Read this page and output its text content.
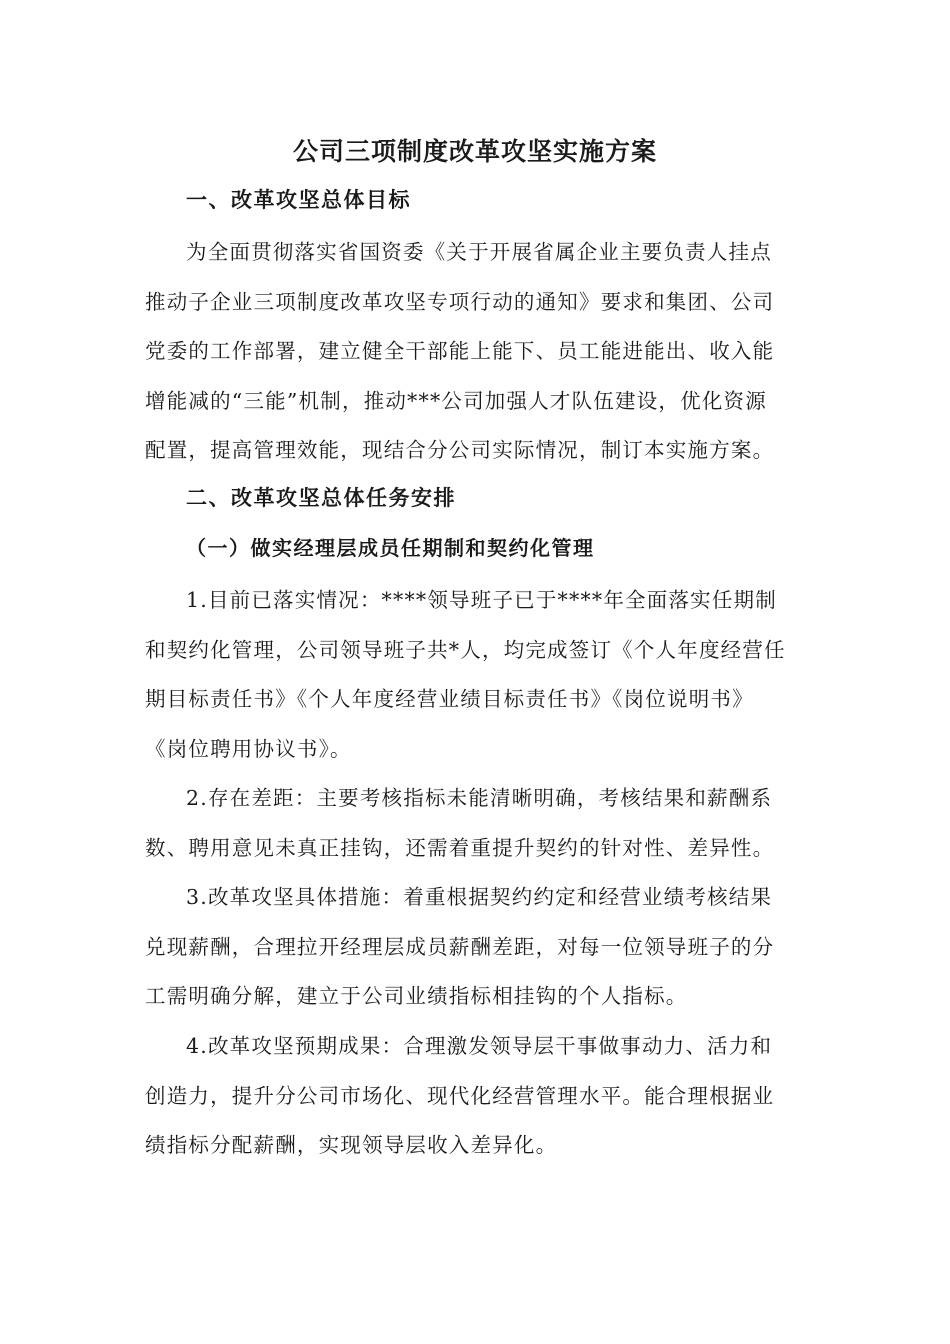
公司三项制度改革攻坚实施方案
一、改革攻坚总体目标
为全面贯彻落实省国资委《关于开展省属企业主要负责人挂点
推动子企业三项制度改革攻坚专项行动的通知》要求和集团、公司
党委的工作部署，建立健全干部能上能下、员工能进能出、收入能
增能减的“三能”机制，推动***公司加强人才队伍建设，优化资源
配置，提高管理效能，现结合分公司实际情况，制订本实施方案。
二、改革攻坚总体任务安排
（一）做实经理层成员任期制和契约化管理
1.目前已落实情况：****领导班子已于****年全面落实任期制
和契约化管理，公司领导班子共*人，均完成签订《个人年度经营任
期目标责任书》《个人年度经营业绩目标责任书》《岗位说明书》
《岗位聘用协议书》。
2.存在差距：主要考核指标未能清晰明确，考核结果和薪酬系
数、聘用意见未真正挂钩，还需着重提升契约的针对性、差异性。
3.改革攻坚具体措施：着重根据契约约定和经营业绩考核结果
兑现薪酬，合理拉开经理层成员薪酬差距，对每一位领导班子的分
工需明确分解，建立于公司业绩指标相挂钩的个人指标。
4.改革攻坚预期成果：合理激发领导层干事做事动力、活力和
创造力，提升分公司市场化、现代化经营管理水平。能合理根据业
绩指标分配薪酬，实现领导层收入差异化。
